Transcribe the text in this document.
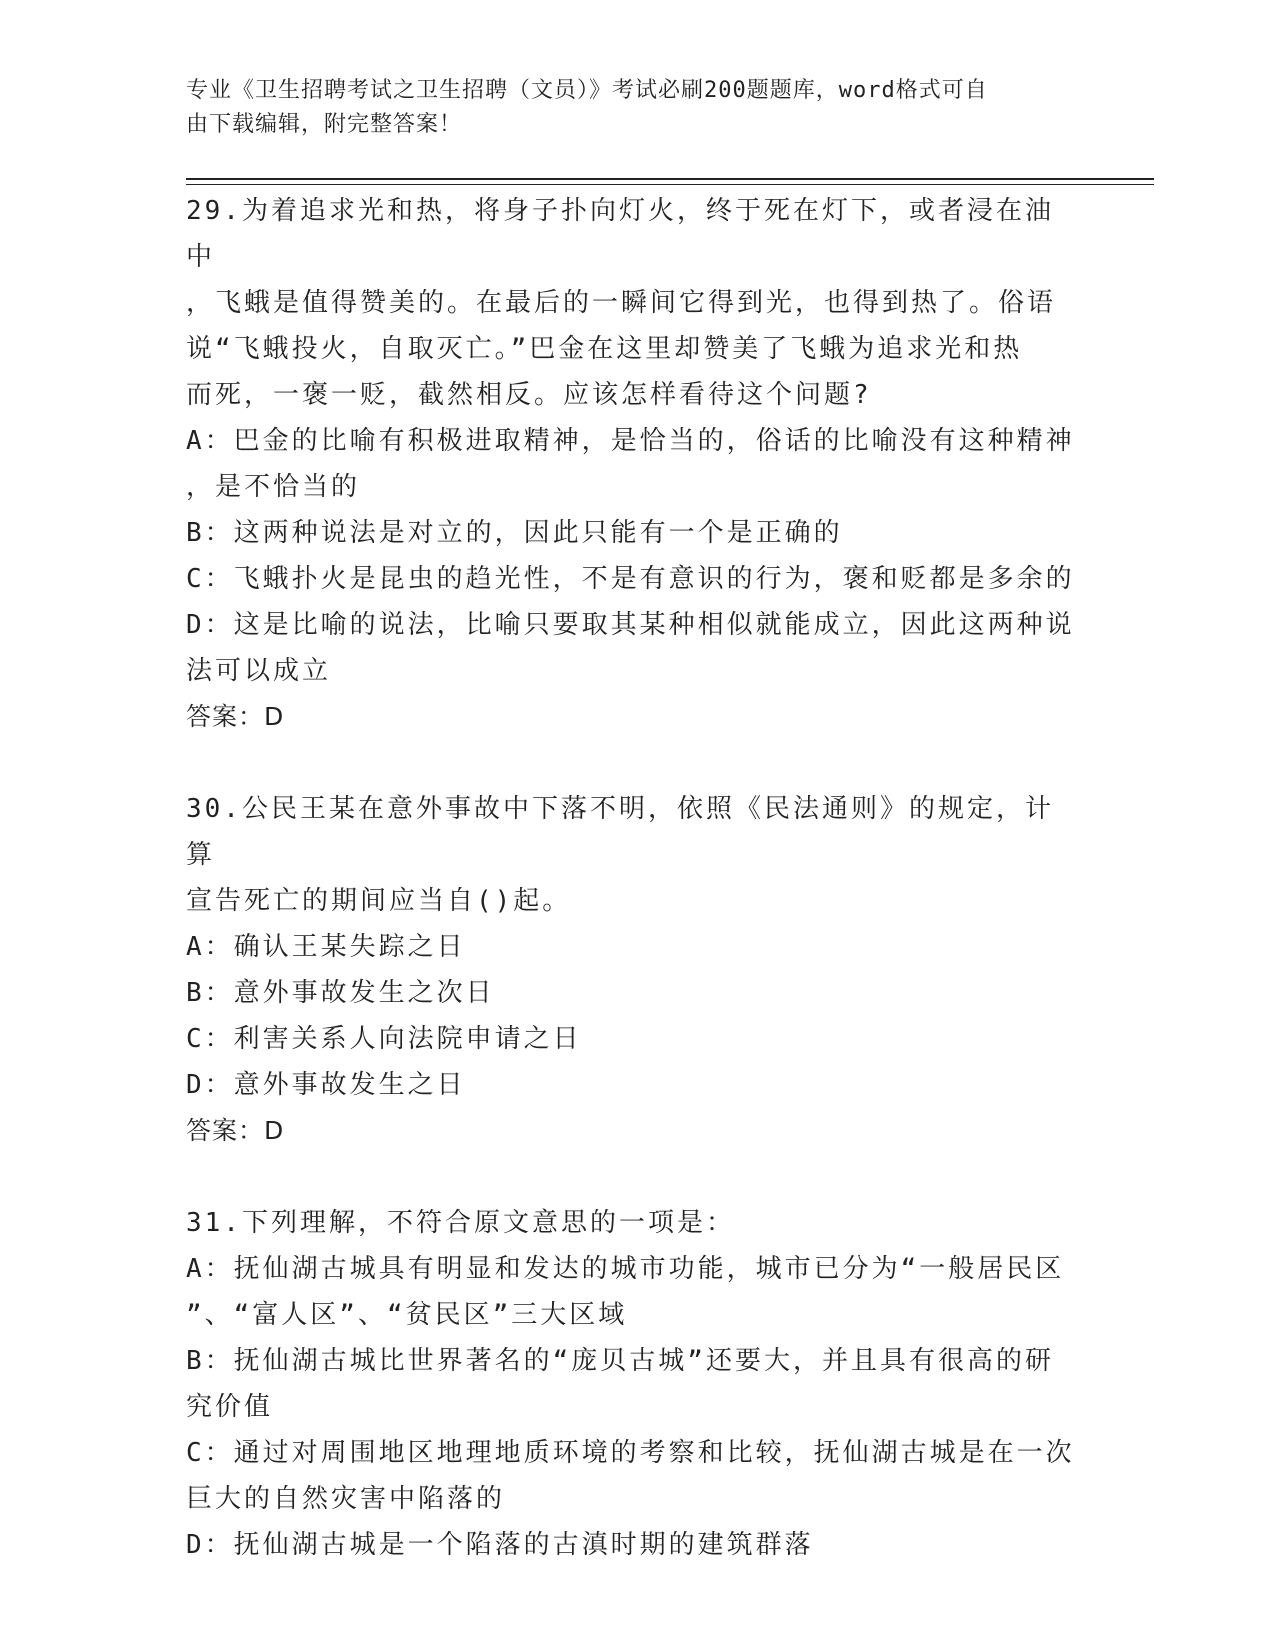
专业《卫生招聘考试之卫生招聘（文员）》考试必刷200题题库，word格式可自
由下载编辑，附完整答案！

29.为着追求光和热，将身子扑向灯火，终于死在灯下，或者浸在油中

，飞蛾是值得赞美的。在最后的一瞬间它得到光，也得到热了。俗语

说“飞蛾投火，自取灭亡。”巴金在这里却赞美了飞蛾为追求光和热

而死，一褒一贬，截然相反。应该怎样看待这个问题?

A：巴金的比喻有积极进取精神，是恰当的，俗话的比喻没有这种精神

，是不恰当的

B：这两种说法是对立的，因此只能有一个是正确的

C：飞蛾扑火是昆虫的趋光性，不是有意识的行为，褒和贬都是多余的

D：这是比喻的说法，比喻只要取其某种相似就能成立，因此这两种说

法可以成立

答案：D

30.公民王某在意外事故中下落不明，依照《民法通则》的规定，计算

宣告死亡的期间应当自()起。

A：确认王某失踪之日

B：意外事故发生之次日

C：利害关系人向法院申请之日

D：意外事故发生之日

答案：D

31.下列理解，不符合原文意思的一项是：

A：抚仙湖古城具有明显和发达的城市功能，城市已分为“一般居民区

”、“富人区”、“贫民区”三大区域

B：抚仙湖古城比世界著名的“庞贝古城”还要大，并且具有很高的研

究价值

C：通过对周围地区地理地质环境的考察和比较，抚仙湖古城是在一次

巨大的自然灾害中陷落的

D：抚仙湖古城是一个陷落的古滇时期的建筑群落
